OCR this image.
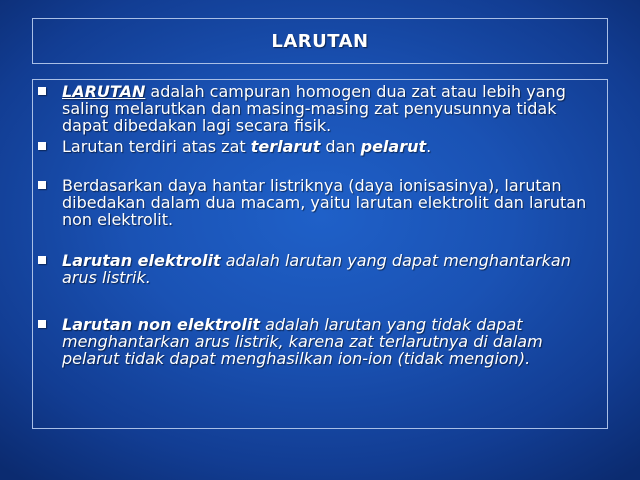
LARUTAN
LARUTAN adalah campuran homogen dua zat atau lebih yang saling melarutkan dan masing-masing zat penyusunnya tidak dapat dibedakan lagi secara fisik.
Larutan terdiri atas zat terlarut dan pelarut.
Berdasarkan daya hantar listriknya (daya ionisasinya), larutan dibedakan dalam dua macam, yaitu larutan elektrolit dan larutan non elektrolit.
Larutan elektrolit adalah larutan yang dapat menghantarkan arus listrik.
Larutan non elektrolit adalah larutan yang tidak dapat menghantarkan arus listrik, karena zat terlarutnya di dalam pelarut tidak dapat menghasilkan ion-ion (tidak mengion).
